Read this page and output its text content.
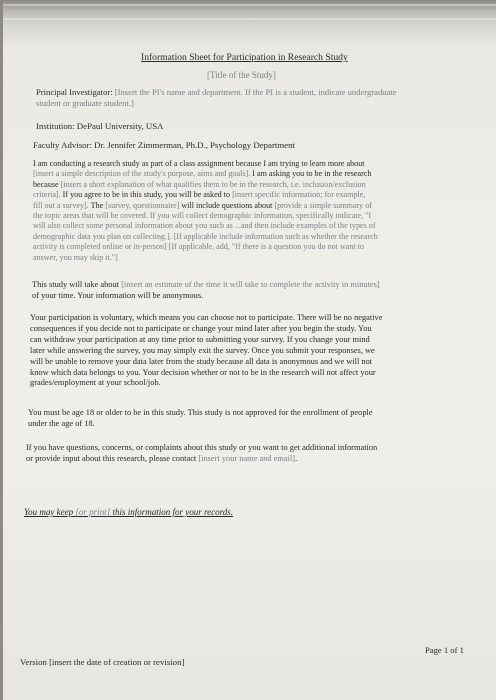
Information Sheet for Participation in Research Study

[Title of the Study]

Principal Investigator: [Insert the PI's name and department. If the PI is a student, indicate undergraduate
student or graduate student.]

Institution: DePaul University, USA

Faculty Advisor: Dr. Jennifer Zimmerman, Ph.D., Psychology Department

I am conducting a research study as part of a class assignment because I am trying to learn more about
[insert a simple description of the study's purpose, aims and goals]. I am asking you to be in the research
because [insert a short explanation of what qualifies them to be in the research, i.e. inclusion/exclusion
criteria]. If you agree to be in this study, you will be asked to [insert specific information; for example,
fill out a survey]. The [survey, questionnaire] will include questions about [provide a simple summary of
the topic areas that will be covered. If you will collect demographic information, specifically indicate, "I
will also collect some personal information about you such as ...and then include examples of the types of
demographic data you plan on collecting.]. [If applicable include information such as whether the research
activity is completed online or in-person] [If applicable, add, "If there is a question you do not want to
answer, you may skip it."]

This study will take about [insert an estimate of the time it will take to complete the activity in minutes]
of your time. Your information will be anonymous.

Your participation is voluntary, which means you can choose not to participate. There will be no negative
consequences if you decide not to participate or change your mind later after you begin the study. You
can withdraw your participation at any time prior to submitting your survey. If you change your mind
later while answering the survey, you may simply exit the survey. Once you submit your responses, we
will be unable to remove your data later from the study because all data is anonymous and we will not
know which data belongs to you. Your decision whether or not to be in the research will not affect your
grades/employment at your school/job.

You must be age 18 or older to be in this study. This study is not approved for the enrollment of people
under the age of 18.

If you have questions, concerns, or complaints about this study or you want to get additional information
or provide input about this research, please contact [insert your name and email].

You may keep [or print] this information for your records.

Page 1 of 1

Version [insert the date of creation or revision]
